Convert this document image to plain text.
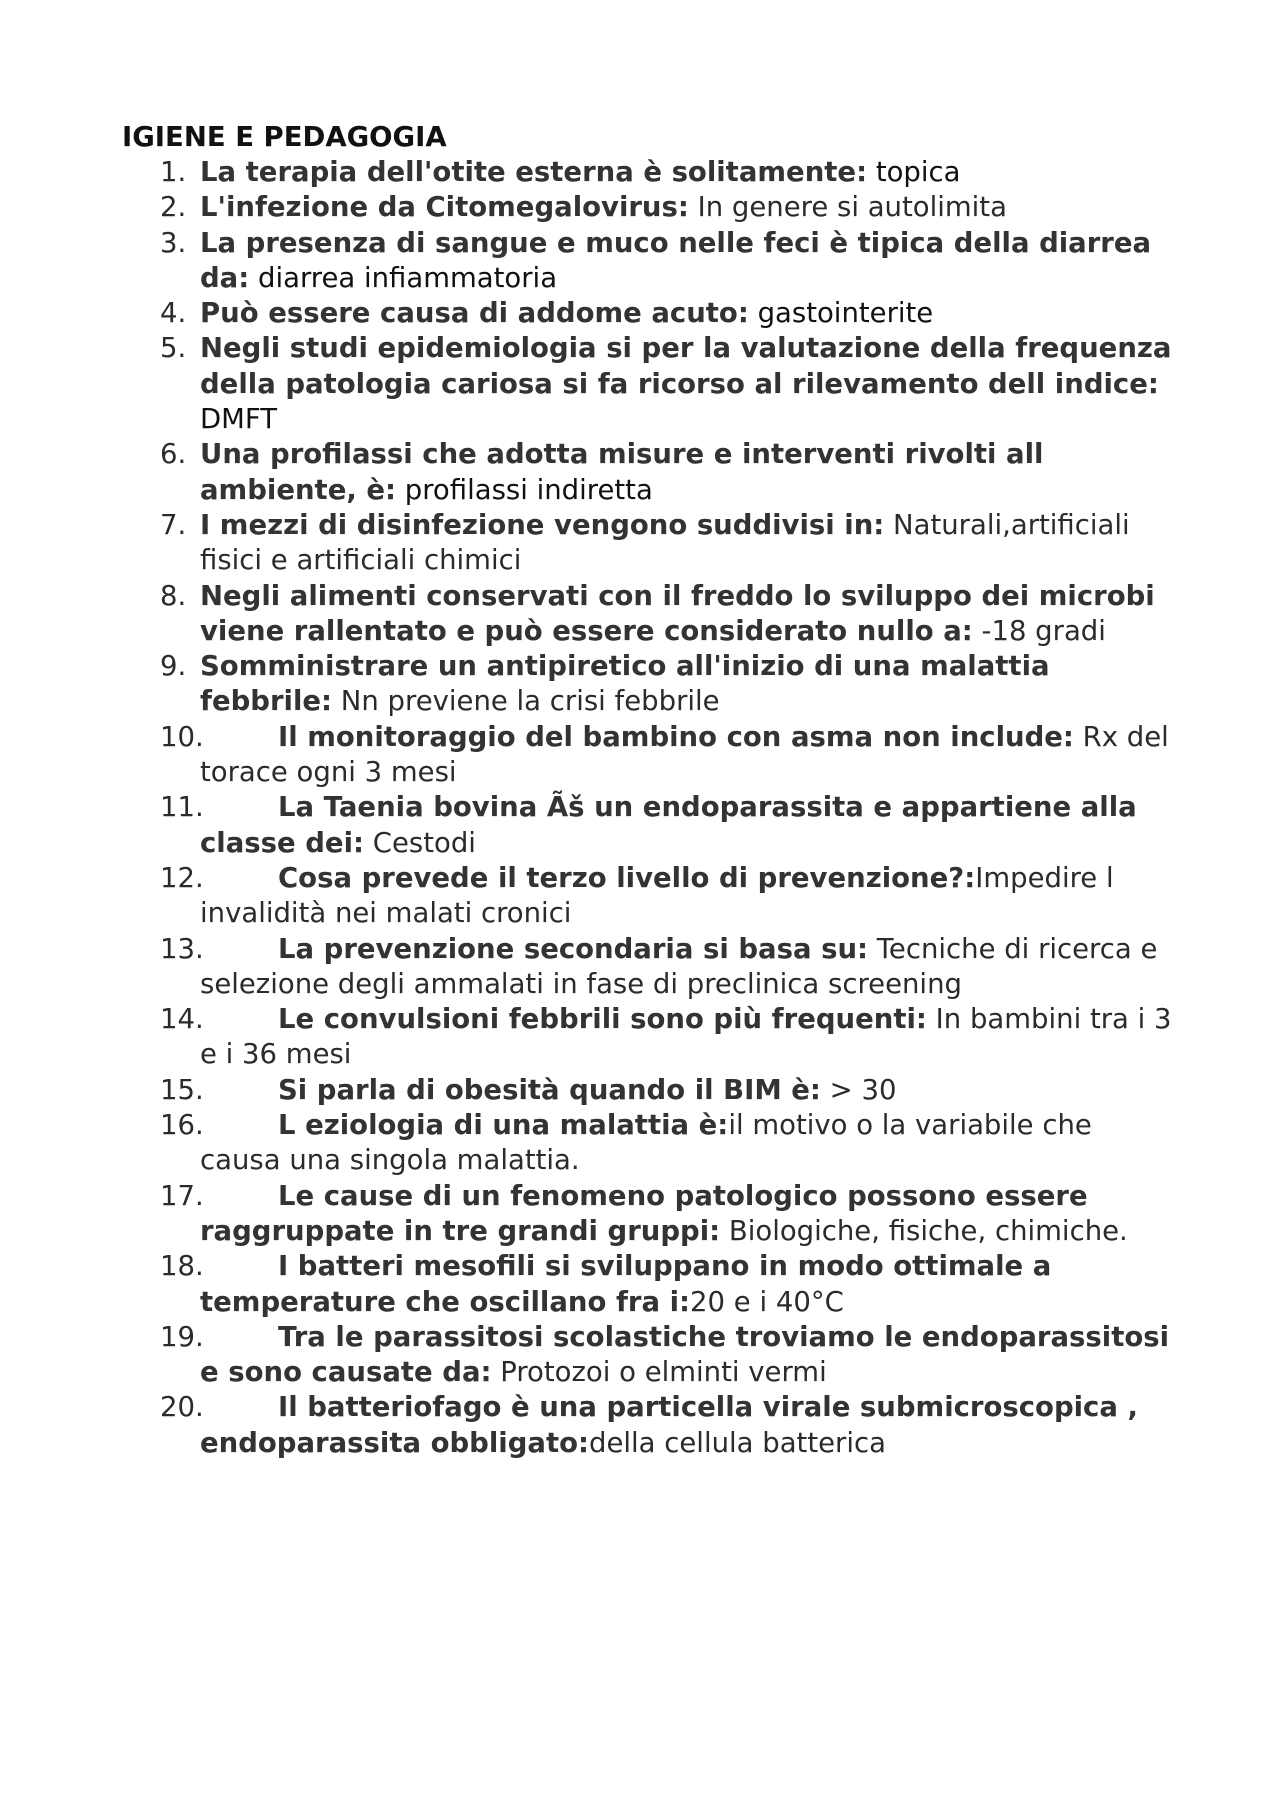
IGIENE E PEDAGOGIA
1. La terapia dell'otite esterna è solitamente: topica
2. L'infezione da Citomegalovirus: In genere si autolimita
3. La presenza di sangue e muco nelle feci è tipica della diarrea da: diarrea infiammatoria
4. Può essere causa di addome acuto: gastointerite
5. Negli studi epidemiologia si per la valutazione della frequenza della patologia cariosa si fa ricorso al rilevamento dell indice: DMFT
6. Una profilassi che adotta misure e interventi rivolti all ambiente, è: profilassi indiretta
7. I mezzi di disinfezione vengono suddivisi in: Naturali,artificiali fisici e artificiali chimici
8. Negli alimenti conservati con il freddo lo sviluppo dei microbi viene rallentato e può essere considerato nullo a: -18 gradi
9. Somministrare un antipiretico all'inizio di una malattia febbrile: Nn previene la crisi febbrile
10.	Il monitoraggio del bambino con asma non include: Rx del torace ogni 3 mesi
11.	La Taenia bovina Ãš un endoparassita e appartiene alla classe dei: Cestodi
12.	Cosa prevede il terzo livello di prevenzione?:Impedire l invalidità nei malati cronici
13.	La prevenzione secondaria si basa su: Tecniche di ricerca e selezione degli ammalati in fase di preclinica screening
14.	Le convulsioni febbrili sono più frequenti: In bambini tra i 3 e i 36 mesi
15.	Si parla di obesità quando il BIM è: > 30
16.	L eziologia di una malattia è:il motivo o la variabile che causa una singola malattia.
17.	Le cause di un fenomeno patologico possono essere raggruppate in tre grandi gruppi: Biologiche, fisiche, chimiche.
18.	I batteri mesofili si sviluppano in modo ottimale a temperature che oscillano fra i:20 e i 40°C
19.	Tra le parassitosi scolastiche troviamo le endoparassitosi e sono causate da: Protozoi o elminti vermi
20.	Il batteriofago è una particella virale submicroscopica , endoparassita obbligato:della cellula batterica
